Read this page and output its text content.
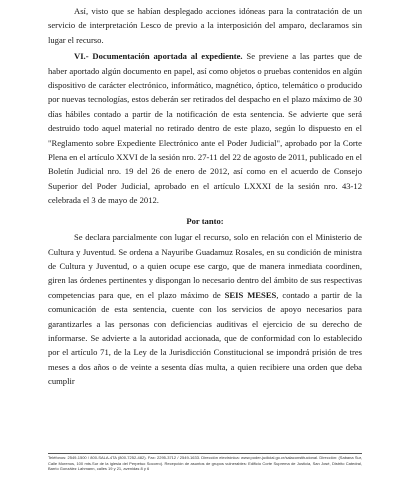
Así, visto que se habían desplegado acciones idóneas para la contratación de un servicio de interpretación Lesco de previo a la interposición del amparo, declaramos sin lugar el recurso.

VI.- Documentación aportada al expediente. Se previene a las partes que de haber aportado algún documento en papel, así como objetos o pruebas contenidos en algún dispositivo de carácter electrónico, informático, magnético, óptico, telemático o producido por nuevas tecnologías, estos deberán ser retirados del despacho en el plazo máximo de 30 días hábiles contado a partir de la notificación de esta sentencia. Se advierte que será destruido todo aquel material no retirado dentro de este plazo, según lo dispuesto en el "Reglamento sobre Expediente Electrónico ante el Poder Judicial", aprobado por la Corte Plena en el artículo XXVI de la sesión nro. 27-11 del 22 de agosto de 2011, publicado en el Boletín Judicial nro. 19 del 26 de enero de 2012, así como en el acuerdo de Consejo Superior del Poder Judicial, aprobado en el artículo LXXXI de la sesión nro. 43-12 celebrada el 3 de mayo de 2012.

Por tanto:

Se declara parcialmente con lugar el recurso, solo en relación con el Ministerio de Cultura y Juventud. Se ordena a Nayuribe Guadamuz Rosales, en su condición de ministra de Cultura y Juventud, o a quien ocupe ese cargo, que de manera inmediata coordinen, giren las órdenes pertinentes y dispongan lo necesario dentro del ámbito de sus respectivas competencias para que, en el plazo máximo de SEIS MESES, contado a partir de la comunicación de esta sentencia, cuente con los servicios de apoyo necesarios para garantizarles a las personas con deficiencias auditivas el ejercicio de su derecho de informarse. Se advierte a la autoridad accionada, que de conformidad con lo establecido por el artículo 71, de la Ley de la Jurisdicción Constitucional se impondrá prisión de tres meses a dos años o de veinte a sesenta días multa, a quien recibiere una orden que deba cumplir

Teléfonos: 2549-1500 / 800-SALA-4TA (800-7252-482). Fax: 2295-3712 / 2549-1633. Dirección electrónica: www.poder-judicial.go.cr/salaconstitucional. Dirección: (Sabana Sur, Calle Morenos, 100 mts.Sur de la iglesia del Perpetuo Socorro). Recepción de asuntos de grupos vulnerables: Edificio Corte Suprema de Justicia, San José, Distrito Catedral, Barrio González Lahmann, calles 19 y 21, avenidas 8 y 6
